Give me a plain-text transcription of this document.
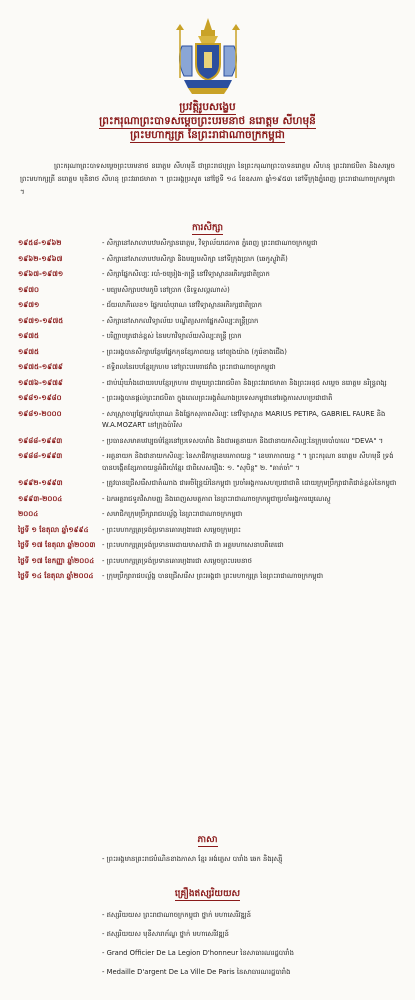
ប្រវត្តិរូបសង្ខេប
ព្រះករុណាព្រះបាទសម្តេចព្រះបរមនាថ នរោត្តម សីហមុនី
ព្រះមហាក្សត្រ នៃព្រះរាជាណាចក្រកម្ពុជា
ព្រះករុណាព្រះបាទសម្តេចព្រះបរមនាថ នរោត្តម សីហមុនី ជាព្រះរាជបុត្រា នៃព្រះករុណាព្រះបាទនរោត្តម សីហនុ ព្រះវររាជបិតា និងសម្តេចព្រះមហាក្សត្រី នរោត្តម មុនិនាថ សីហនុ ព្រះវររាជមាតា ។ ព្រះអង្គប្រសូត នៅថ្ងៃទី ១៤ ខែឧសភា ឆ្នាំ១៩៥៣ នៅទីក្រុងភ្នំពេញ ព្រះរាជាណាចក្រកម្ពុជា ។
ការសិក្សា
១៩៥៨-១៩៦២	- សិក្សានៅសាលាបឋមសិក្សានរោត្តម, វិទ្យាល័យដេកាត ភ្នំពេញ ព្រះរាជាណាចក្រកម្ពុជា
១៩៦២-១៩៦៧	- សិក្សានៅសាលាបឋមសិក្សា និងមធ្យមសិក្សា នៅទីក្រុងប្រាក (ឆេកូស្លូវ៉ាគី)
១៩៦៧-១៩៧១	- សិក្សាផ្នែកសិល្បៈ របាំ-ចម្រៀង-តន្ត្រី នៅវិទ្យាស្ថានអភិរក្សជាតិប្រាក
១៩៧០	- មធ្យមសិក្សាបឋមភូមិ នៅប្រាក (និទ្ទេសល្អណាស់)
១៩៧១	- ជ័យលាភីលេខ១ ផ្នែករបាំបុរាណ នៅវិទ្យាស្ថានអភិរក្សជាតិប្រាក
១៩៧១-១៩៧៥	- សិក្សានៅសាកលវិទ្យាល័យ បណ្ឌិត្យសភាផ្នែកសិល្បៈតន្ត្រីប្រាក
១៩៧៥	- បរិញ្ញាបត្រជាន់ខ្ពស់ នៃមហាវិទ្យាល័យសិល្បៈតន្ត្រី ប្រាក
១៩៧៥	- ព្រះអង្គបានសិក្សាបន្ថែមផ្នែកកុនខ្សែភាពយន្ត នៅព្យុងយ៉ាង (កូរ៉េខាងជើង)
១៩៧៥-១៩៧៩	- ឥទ្ធិពលនៃរបបខ្មែរក្រហម នៅព្រះបរមរាជវាំង ព្រះរាជាណាចក្រកម្ពុជា
១៩៧៦-១៩៧៩	- ជាប់ឃុំឃាំងដោយរបបខ្មែរក្រហម ជាមួយព្រះវររាជបិតា និងព្រះវររាជមាតា និងព្រះអនុជ សម្តេច នរោត្តម នរិន្ទ្រពង្ស
១៩៨១-១៩៨០	- ព្រះអង្គបានផ្តល់ព្រះរាជបិតា ក្នុងពេលព្រះអង្គតំណាងប្រទេសកម្ពុជានៅអង្គការសហប្រជាជាតិ
១៩៨១-២០០០	- សាស្ត្រាចារ្យផ្នែករបាំបុរាណ និងផ្នែកសុភាពសិល្បៈ នៅវិទ្យាស្ថាន MARIUS PETIPA, GABRIEL FAURE និង W.A.MOZART នៅក្រុងប៉ារីស
១៩៨៨-១៩៩៣	- ប្រធានសមាគមវប្បធម៌ខ្មែរនៅប្រទេសបារាំង និងជាអគ្គនាយក និងជានាយកសិល្បៈនៃក្រុមរបាំបាលេ "DEVA" ។
១៩៨៨-១៩៩៣	- អគ្គនាយក និងជានាយកសិល្បៈ នៃសាជីវកម្មខេមរភាពយន្ត " ខេមរាភាពយន្ត " ។ ព្រះករុណា នរោត្តម សីហមុនី ទ្រង់បានបង្កើតខ្សែភាពយន្តអំពីរបាំខ្មែរ ជាពិសេសរឿង: ១. "សុបិន្ត" ២. "គាត់ចាំ" ។
១៩៩២-១៩៩៣	- ត្រូវបានជ្រើសរើសជាតំណាង ជាអចិន្រ្តៃយ៍នៃកម្ពុជា ប្រចាំអង្គការសហប្រជាជាតិ ដោយក្រុមប្រឹក្សាជាតិជាន់ខ្ពស់នៃកម្ពុជា
១៩៩៣-២០០៤	- ឯកអគ្គរាជទូតវិសាមញ្ញ និងពេញសមត្ថភាព នៃព្រះរាជាណាចក្រកម្ពុជាប្រចាំអង្គការយូណេស្កូ
២០០៤	- សមាជិកក្រុមប្រឹក្សារាជបល្ល័ង្គ នៃព្រះរាជាណាចក្រកម្ពុជា
ថ្ងៃទី ១ ខែតុលា ឆ្នាំ១៩៩៤	- ព្រះមហាក្សត្រទ្រង់ប្រទានគោរម្យងារជា សម្តេចក្រុមព្រះ
ថ្ងៃទី ១៧ ខែតុលា ឆ្នាំ២០០៣ - ព្រះមហាក្សត្រទ្រង់ប្រទានមេដាយមាសជាតិ ជា អគ្គមហាសេនាបតីតេជោ
ថ្ងៃទី ១៧ ខែកញ្ញា ឆ្នាំ២០០៤	- ព្រះមហាក្សត្រទ្រង់ប្រទានគោរម្យងារជា សម្តេចព្រះបរមនាថ
ថ្ងៃទី ១៤ ខែតុលា ឆ្នាំ២០០៤	- ក្រុមប្រឹក្សារាជបល្ល័ង្គ បានជ្រើសរើស ព្រះអង្គជា ព្រះមហាក្សត្រ នៃព្រះរាជាណាចក្រកម្ពុជា
ភាសា
- ព្រះអង្គមានព្រះរាជបំណិនខាងភាសា ខ្មែរ អង់គ្លេស បារាំង ឆេក និងរុស្ស៊ី
គ្រឿងឥស្សរិយយស
- ឥស្សរិយយស ព្រះរាជាណាចក្រកម្ពុជា ថ្នាក់ មហាសេរីវឌ្ឍន៍
- ឥស្សរិយយស មុនីសារាភ័ណ្ឌ ថ្នាក់ មហាសេរីវឌ្ឍន៍
- Grand Officier De La Legion D'honneur នៃសាធារណរដ្ឋបារាំង
- Medaille D'argent De La Ville De Paris នៃសាធារណរដ្ឋបារាំង
